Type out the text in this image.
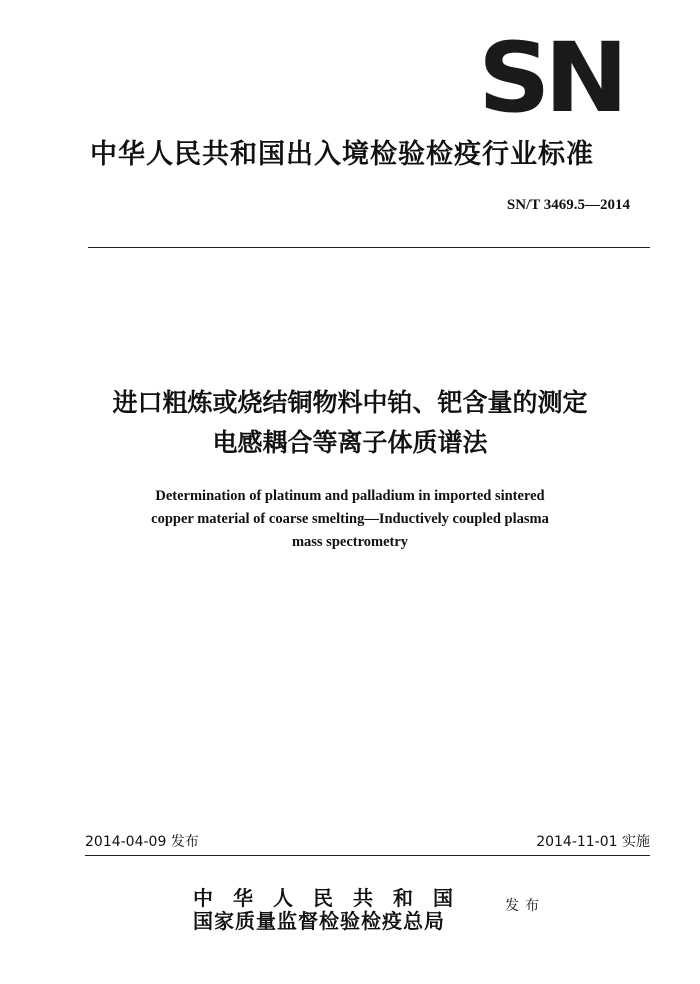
SN
中华人民共和国出入境检验检疫行业标准
SN/T 3469.5—2014
进口粗炼或烧结铜物料中铂、钯含量的测定
电感耦合等离子体质谱法
Determination of platinum and palladium in imported sintered
copper material of coarse smelting—Inductively coupled plasma
mass spectrometry
2014-04-09 发布	2014-11-01 实施
中华人民共和国
国家质量监督检验检疫总局
发布
